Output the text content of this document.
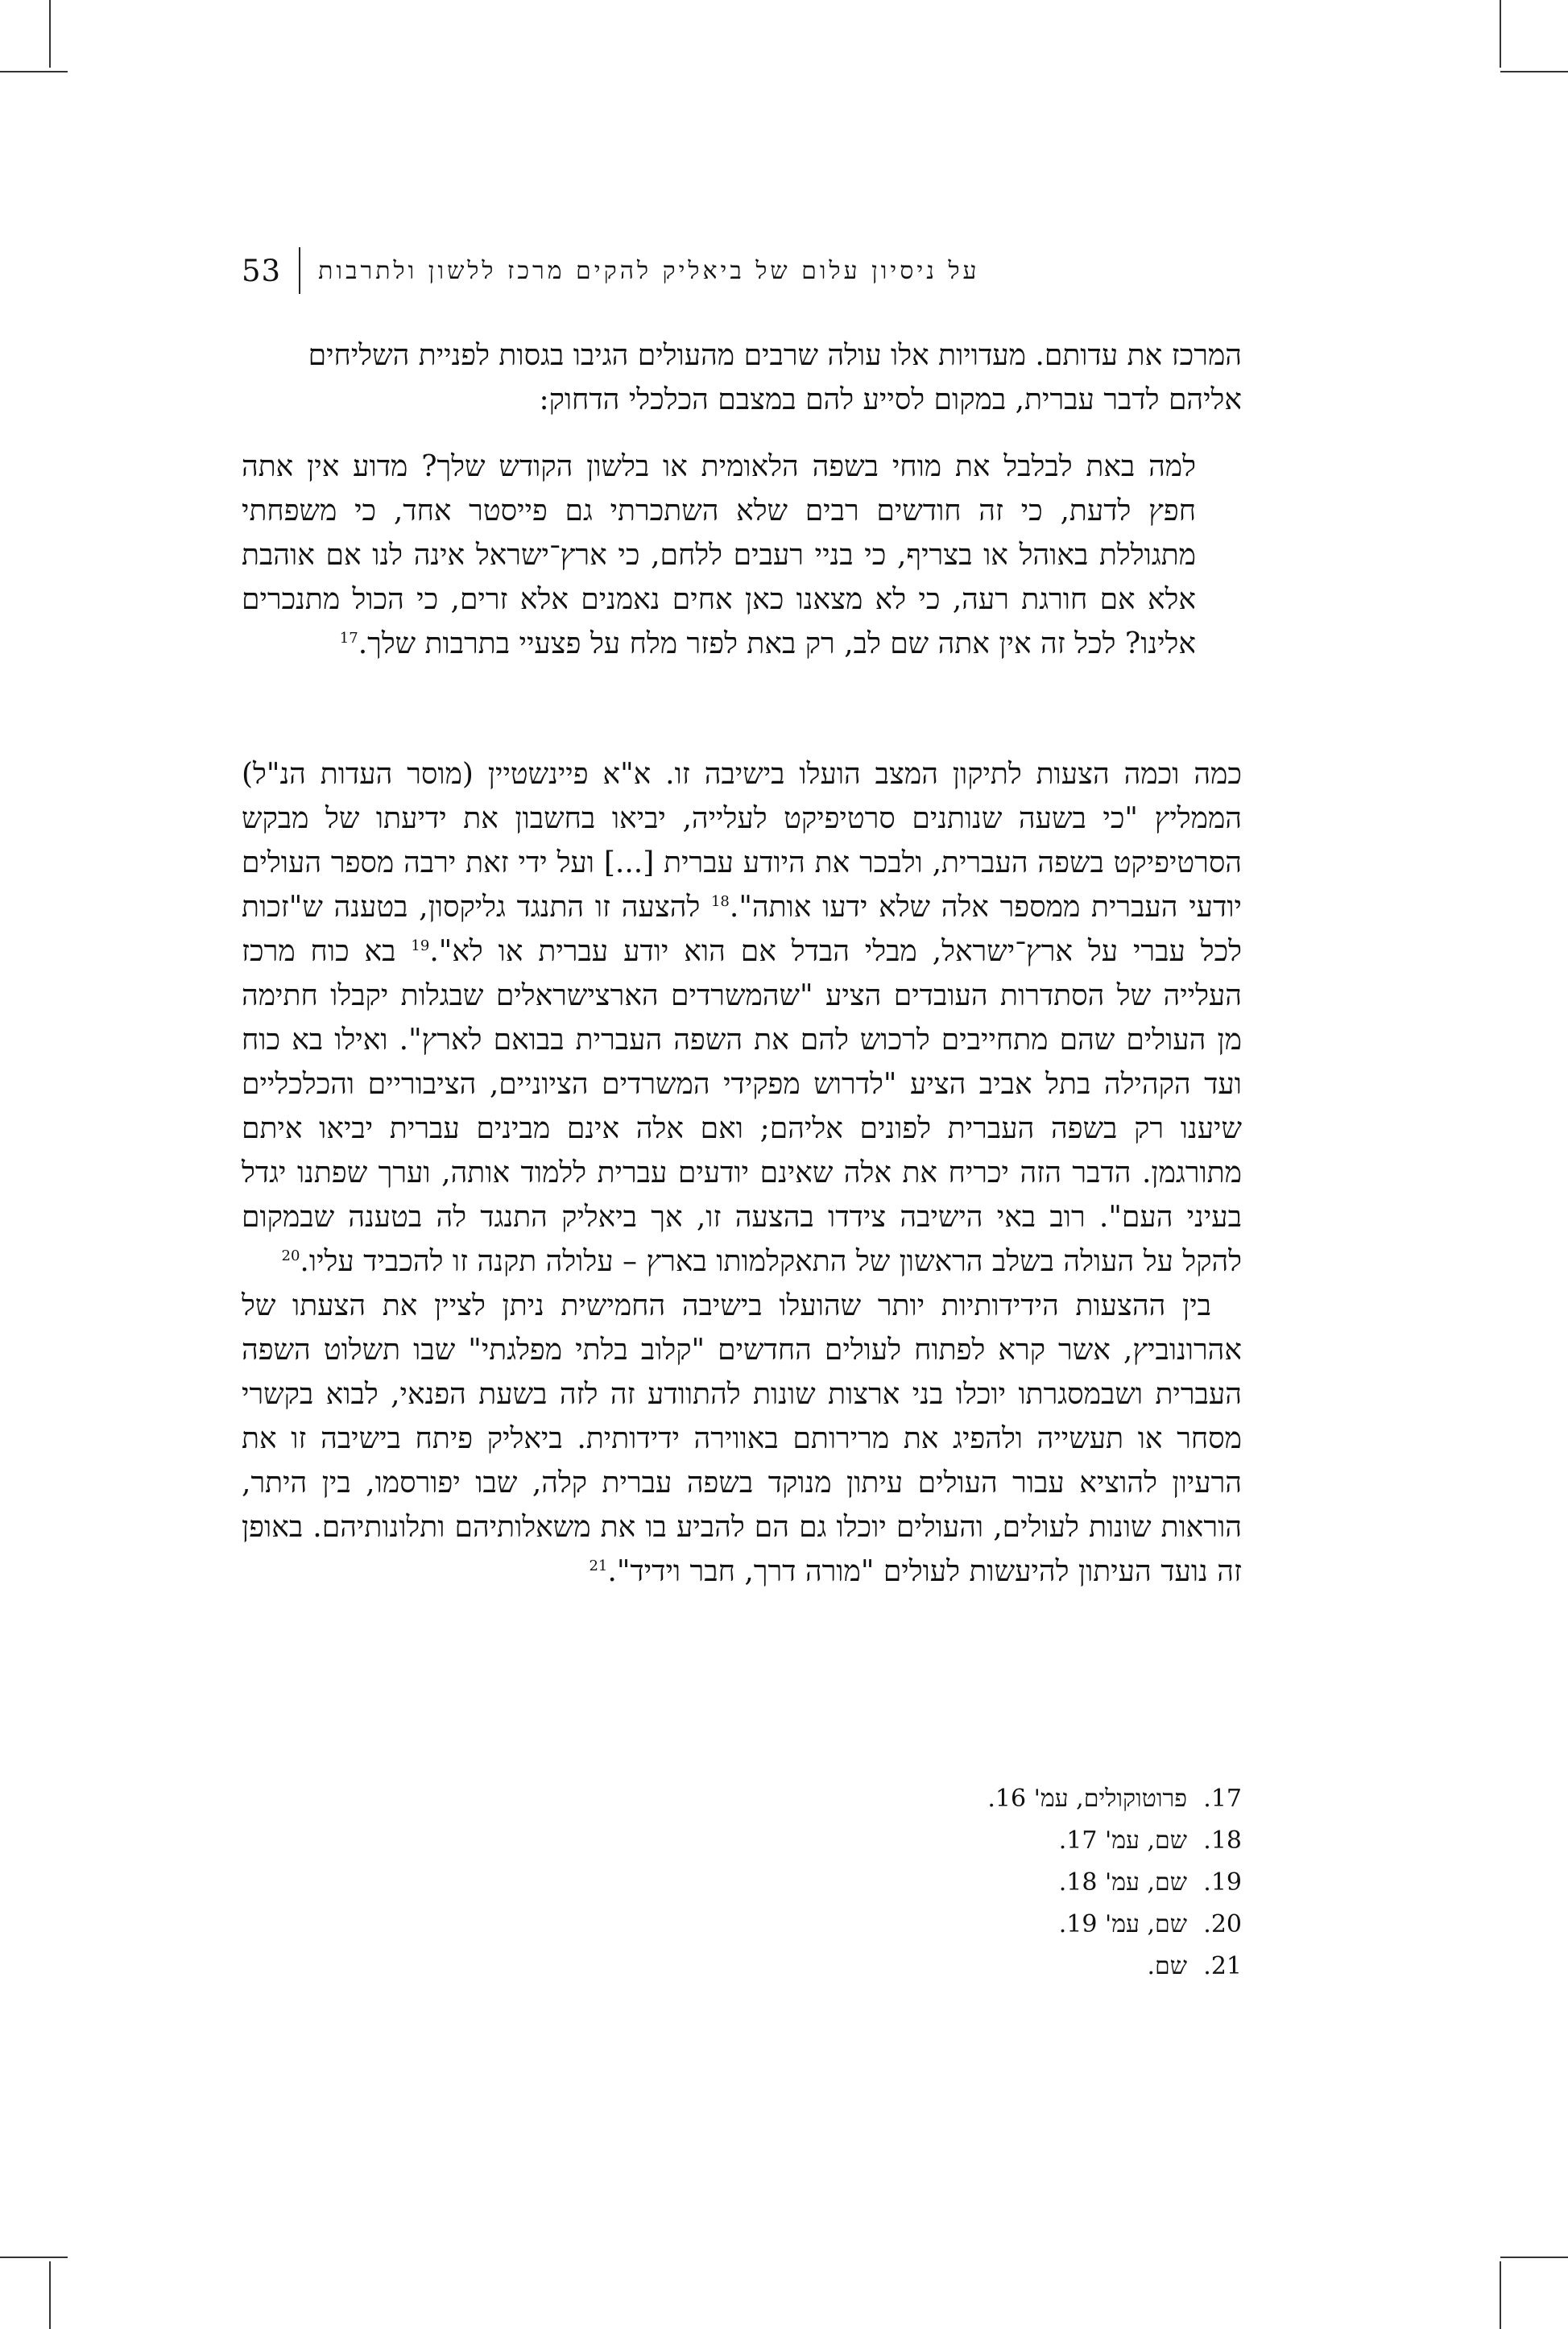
53 על ניסיון עלום של ביאליק להקים מרכז ללשון ולתרבות

המרכז את עדותם. מעדויות אלו עולה שרבים מהעולים הגיבו בגסות לפניית השליחים

אליהם לדבר עברית, במקום לסייע להם במצבם הכלכלי הדחוק:

למה באת לבלבל את מוחי בשפה הלאומית או בלשון הקודש שלך? מדוע אין אתה חפץ לדעת, כי זה חודשים רבים שלא השתכרתי גם פייסטר אחד, כי משפחתי מתגוללת באוהל או בצריף, כי בניי רעבים ללחם, כי ארץ־ישראל אינה לנו אם אוהבת אלא אם חורגת רעה, כי לא מצאנו כאן אחים נאמנים אלא זרים, כי הכול מתנכרים אלינו? לכל זה אין אתה שם לב, רק באת לפזר מלח על פצעיי בתרבות שלך.$^{17}$

כמה וכמה הצעות לתיקון המצב הועלו בישיבה זו. א"א פיינשטיין (מוסר העדות הנ"ל) הממליץ "כי בשעה שנותנים סרטיפיקט לעלייה, יביאו בחשבון את ידיעתו של מבקש הסרטיפיקט בשפה העברית, ולבכר את היודע עברית [...] ועל ידי זאת ירבה מספר העולים יודעי העברית ממספר אלה שלא ידעו אותה".$^{18}$ להצעה זו התנגד גליקסון, בטענה ש"זכות לכל עברי על ארץ־ישראל, מבלי הבדל אם הוא יודע עברית או לא".$^{19}$ בא כוח מרכז העלייה של הסתדרות העובדים הציע "שהמשרדים הארצישראלים שבגלות יקבלו חתימה מן העולים שהם מתחייבים לרכוש להם את השפה העברית בבואם לארץ". ואילו בא כוח ועד הקהילה בתל אביב הציע "לדרוש מפקידי המשרדים הציוניים, הציבוריים והכלכליים שיענו רק בשפה העברית לפונים אליהם; ואם אלה אינם מבינים עברית יביאו איתם מתורגמן. הדבר הזה יכריח את אלה שאינם יודעים עברית ללמוד אותה, וערך שפתנו יגדל בעיני העם". רוב באי הישיבה צידדו בהצעה זו, אך ביאליק התנגד לה בטענה שבמקום להקל על העולה בשלב הראשון של התאקלמותו בארץ – עלולה תקנה זו להכביד עליו.$^{20}$

בין ההצעות הידידותיות יותר שהועלו בישיבה החמישית ניתן לציין את הצעתו של אהרונוביץ, אשר קרא לפתוח לעולים החדשים "קלוב בלתי מפלגתי" שבו תשלוט השפה העברית ושבמסגרתו יוכלו בני ארצות שונות להתוודע זה לזה בשעת הפנאי, לבוא בקשרי מסחר או תעשייה ולהפיג את מרירותם באווירה ידידותית. ביאליק פיתח בישיבה זו את הרעיון להוציא עבור העולים עיתון מנוקד בשפה עברית קלה, שבו יפורסמו, בין היתר, הוראות שונות לעולים, והעולים יוכלו גם הם להביע בו את משאלותיהם ותלונותיהם. באופן זה נועד העיתון להיעשות לעולים "מורה דרך, חבר וידיד".$^{21}$

17.
פרוטוקולים, עמ' 16.
18.
שם, עמ' 17.
19.
שם, עמ' 18.
20.
שם, עמ' 19.
21.
שם.
